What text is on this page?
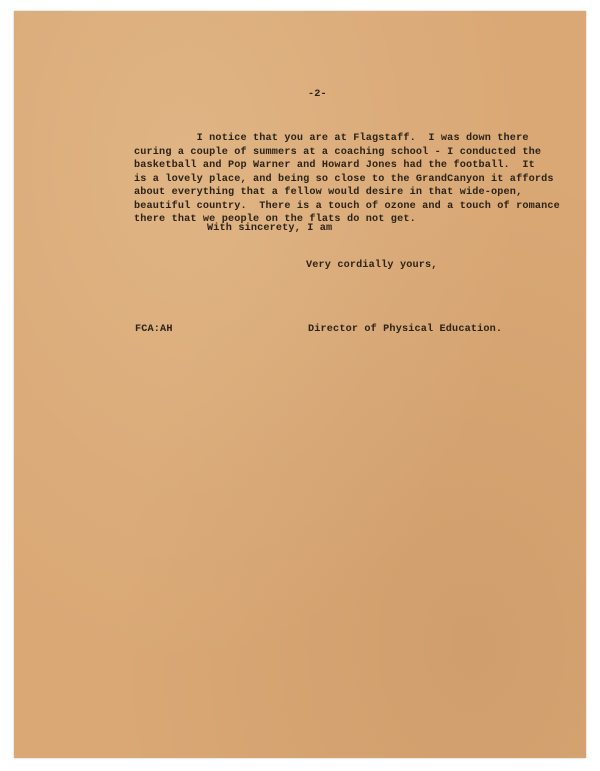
-2-
I notice that you are at Flagstaff.  I was down there
curing a couple of summers at a coaching school - I conducted the
basketball and Pop Warner and Howard Jones had the football.  It
is a lovely place, and being so close to the GrandCanyon it affords
about everything that a fellow would desire in that wide-open,
beautiful country.  There is a touch of ozone and a touch of romance
there that we people on the flats do not get.
With sincerety, I am
Very cordially yours,
FCA:AH	Director of Physical Education.
